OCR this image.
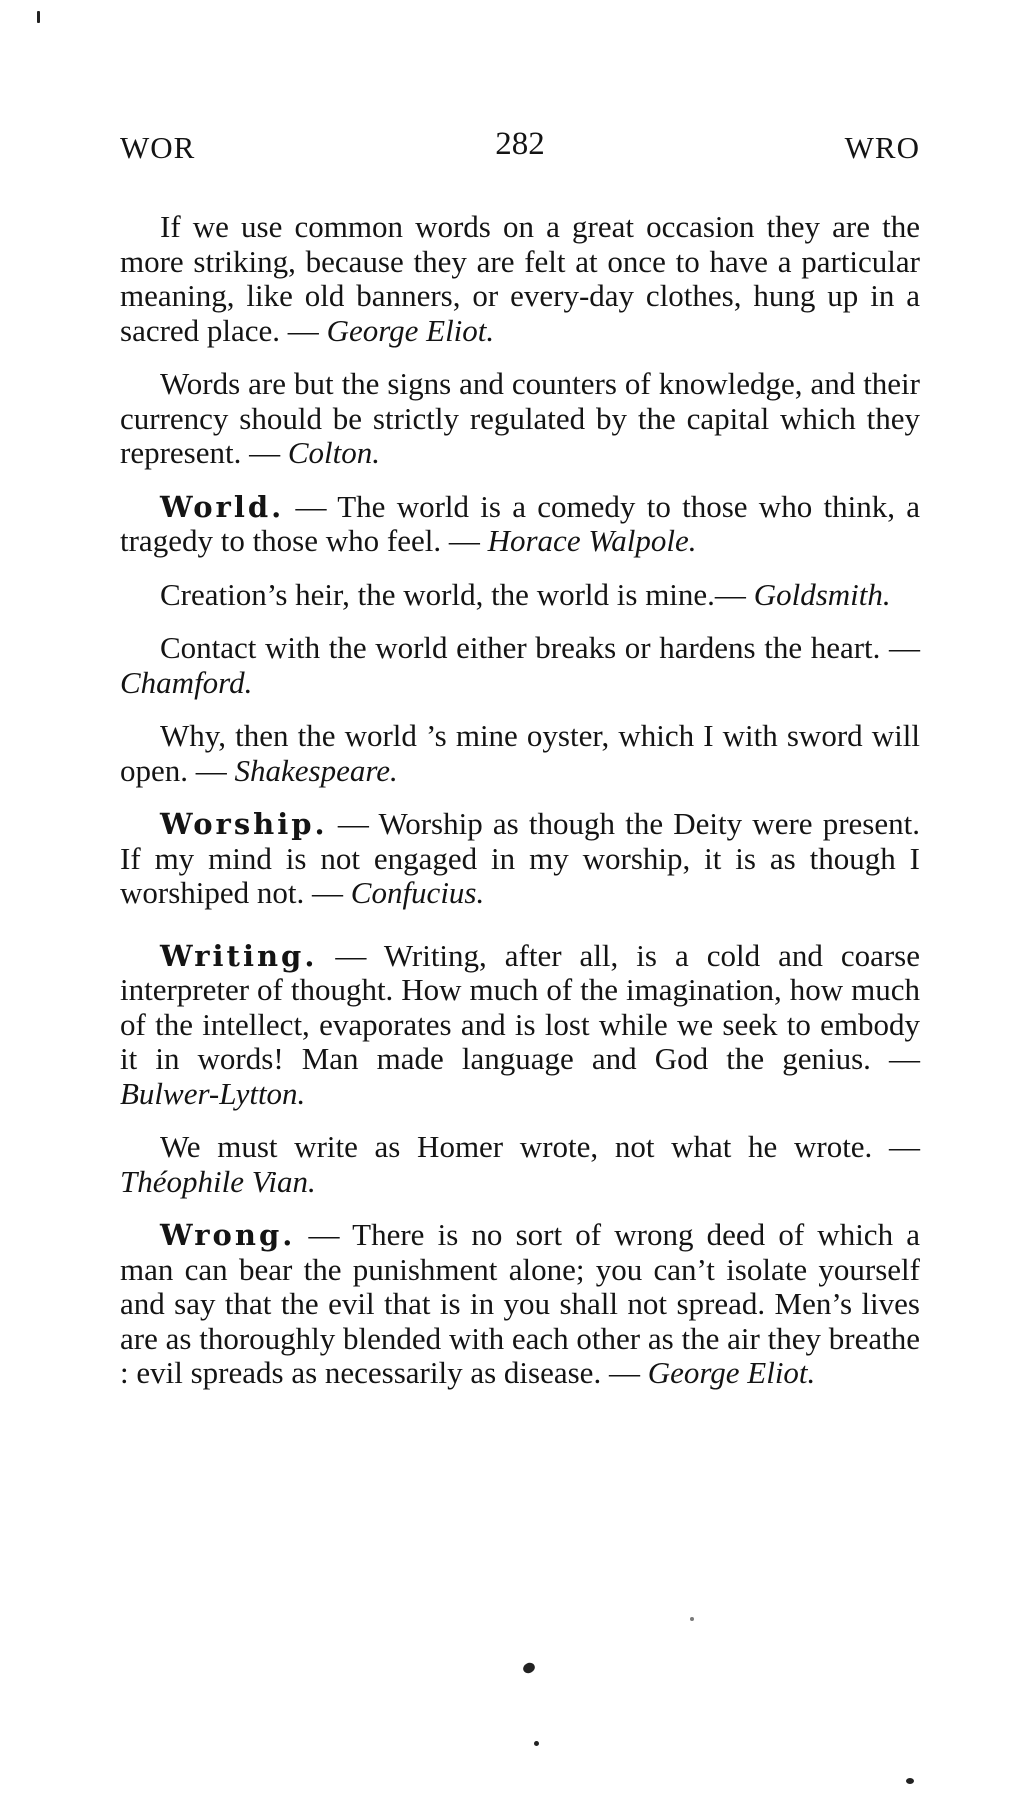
WOR	282	WRO

If we use common words on a great occasion they are the more striking, because they are felt at once to have a particular meaning, like old banners, or every-day clothes, hung up in a sacred place. — George Eliot.

Words are but the signs and counters of knowledge, and their currency should be strictly regulated by the capital which they represent. — Colton.

World. — The world is a comedy to those who think, a tragedy to those who feel. — Horace Walpole.

Creation’s heir, the world, the world is mine.— Goldsmith.

Contact with the world either breaks or hardens the heart. — Chamford.

Why, then the world ’s mine oyster, which I with sword will open. — Shakespeare.

Worship. — Worship as though the Deity were present. If my mind is not engaged in my worship, it is as though I worshiped not. — Confucius.

Writing. — Writing, after all, is a cold and coarse interpreter of thought. How much of the imagination, how much of the intellect, evaporates and is lost while we seek to embody it in words! Man made language and God the genius. — Bulwer-Lytton.

We must write as Homer wrote, not what he wrote. — Théophile Vian.

Wrong. — There is no sort of wrong deed of which a man can bear the punishment alone; you can’t isolate yourself and say that the evil that is in you shall not spread. Men’s lives are as thoroughly blended with each other as the air they breathe : evil spreads as necessarily as disease. — George Eliot.
